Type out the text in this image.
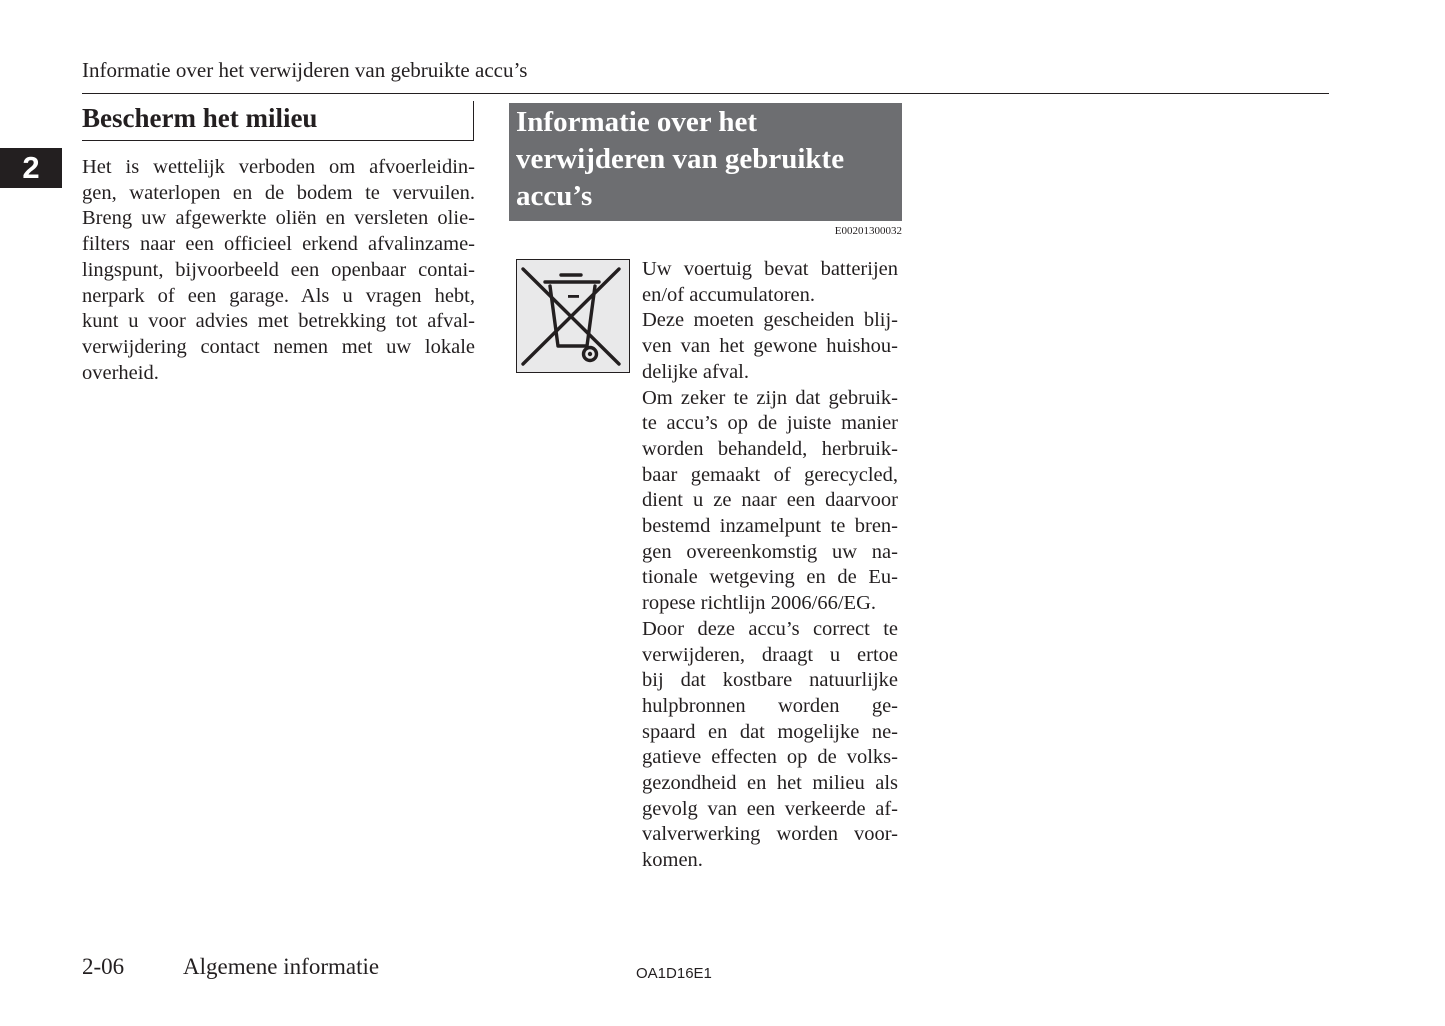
Informatie over het verwijderen van gebruikte accu’s
2
Bescherm het milieu
Het is wettelijk verboden om afvoerleidin-
gen, waterlopen en de bodem te vervuilen.
Breng uw afgewerkte oliën en versleten olie-
filters naar een officieel erkend afvalinzame-
lingspunt, bijvoorbeeld een openbaar contai-
nerpark of een garage. Als u vragen hebt,
kunt u voor advies met betrekking tot afval-
verwijdering contact nemen met uw lokale
overheid.
Informatie over het
verwijderen van gebruikte
accu’s
E00201300032

Uw voertuig bevat batterijen
en/of accumulatoren.

Deze moeten gescheiden blij-
ven van het gewone huishou-
delijke afval.

Om zeker te zijn dat gebruik-
te accu’s op de juiste manier
worden behandeld, herbruik-
baar gemaakt of gerecycled,
dient u ze naar een daarvoor
bestemd inzamelpunt te bren-
gen overeenkomstig uw na-
tionale wetgeving en de Eu-
ropese richtlijn 2006/66/EG.

Door deze accu’s correct te
verwijderen, draagt u ertoe
bij dat kostbare natuurlijke
hulpbronnen worden ge-
spaard en dat mogelijke ne-
gatieve effecten op de volks-
gezondheid en het milieu als
gevolg van een verkeerde af-
valverwerking worden voor-
komen.

2-06	Algemene informatie	OA1D16E1
